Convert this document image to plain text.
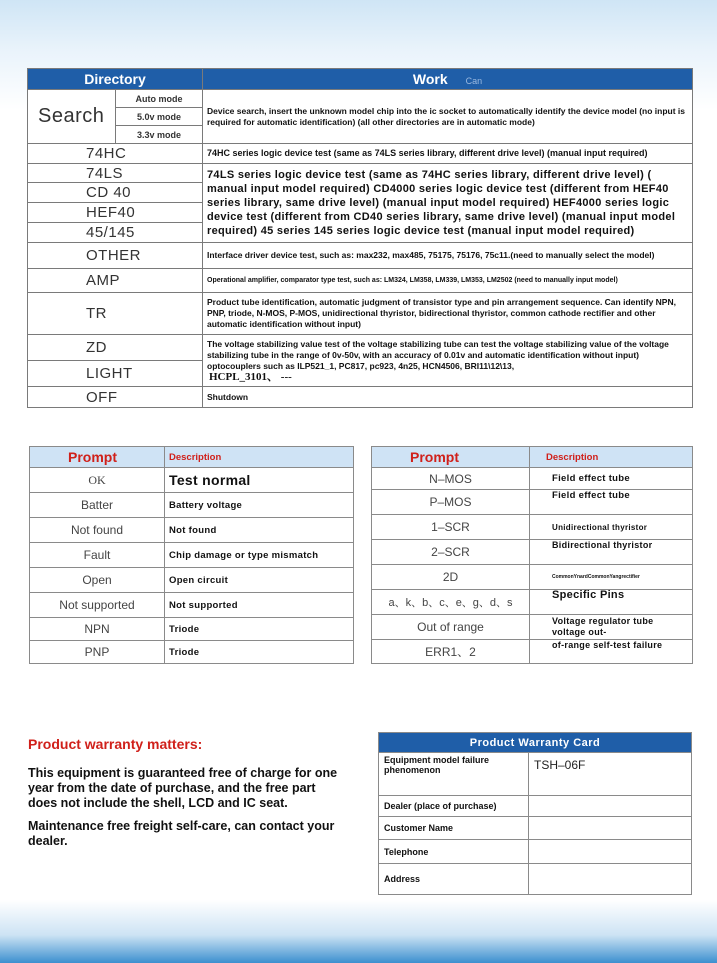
Directory		Work Can
Search	Auto mode	Device search, insert the unknown model chip into the ic socket to automatically identify the device model (no input is required for automatic identification) (all other directories are in automatic mode)
	5.0v mode	
	3.3v mode	
74HC		74HC series logic device test (same as 74LS series library, different drive level) (manual input required)
74LS		74LS series logic device test (same as 74HC series library, different drive level) ( manual input model required) CD4000 series logic device test (different from HEF40 series library, same drive level) (manual input model required) HEF4000 series logic device test (different from CD40 series library, same drive level) (manual input model required) 45 series 145 series logic device test (manual input model required)
CD 40		
HEF40		
45/145		
OTHER		Interface driver device test, such as: max232, max485, 75175, 75176, 75c11.(need to manually select the model)
AMP		Operational amplifier, comparator type test, such as: LM324, LM358, LM339, LM353, LM2502 (need to manually input model)
TR		Product tube identification, automatic judgment of transistor type and pin arrangement sequence. Can identify NPN, PNP, triode, N-MOS, P-MOS, unidirectional thyristor, bidirectional thyristor, common cathode rectifier and other automatic identification without input)
ZD		The voltage stabilizing value test of the voltage stabilizing tube can test the voltage stabilizing value of the voltage stabilizing tube in the range of 0v-50v, with an accuracy of 0.01v and automatic identification without input) optocouplers such as ILP521_1, PC817, pc923, 4n25, HCN4506, BRI11\12\13,
HCPL_3101、 ---
LIGHT		
OFF		Shutdown
Prompt	Description
OK	Test normal
Batter	Battery voltage
Not found	Not found
Fault	Chip damage or type mismatch
Open	Open circuit
Not supported	Not supported
NPN	Triode
PNP	Triode
Prompt	Description
N–MOS	Field effect tube
P–MOS	Field effect tube
1–SCR	Unidirectional thyristor
2–SCR	Bidirectional thyristor
2D	CommonYnardCommonYangrectifier
a、k、b、c、e、g、d、s	Specific Pins
Out of range	Voltage regulator tube voltage out-
ERR1、2	of-range self-test failure
Product warranty matters:
This equipment is guaranteed free of charge for one year from the date of purchase, and the free part does not include the shell, LCD and IC seat.
Maintenance free freight self-care, can contact your dealer.
Product Warranty Card	
Equipment model failure phenomenon	TSH–06F
Dealer (place of purchase)	
Customer Name	
Telephone	
Address	
